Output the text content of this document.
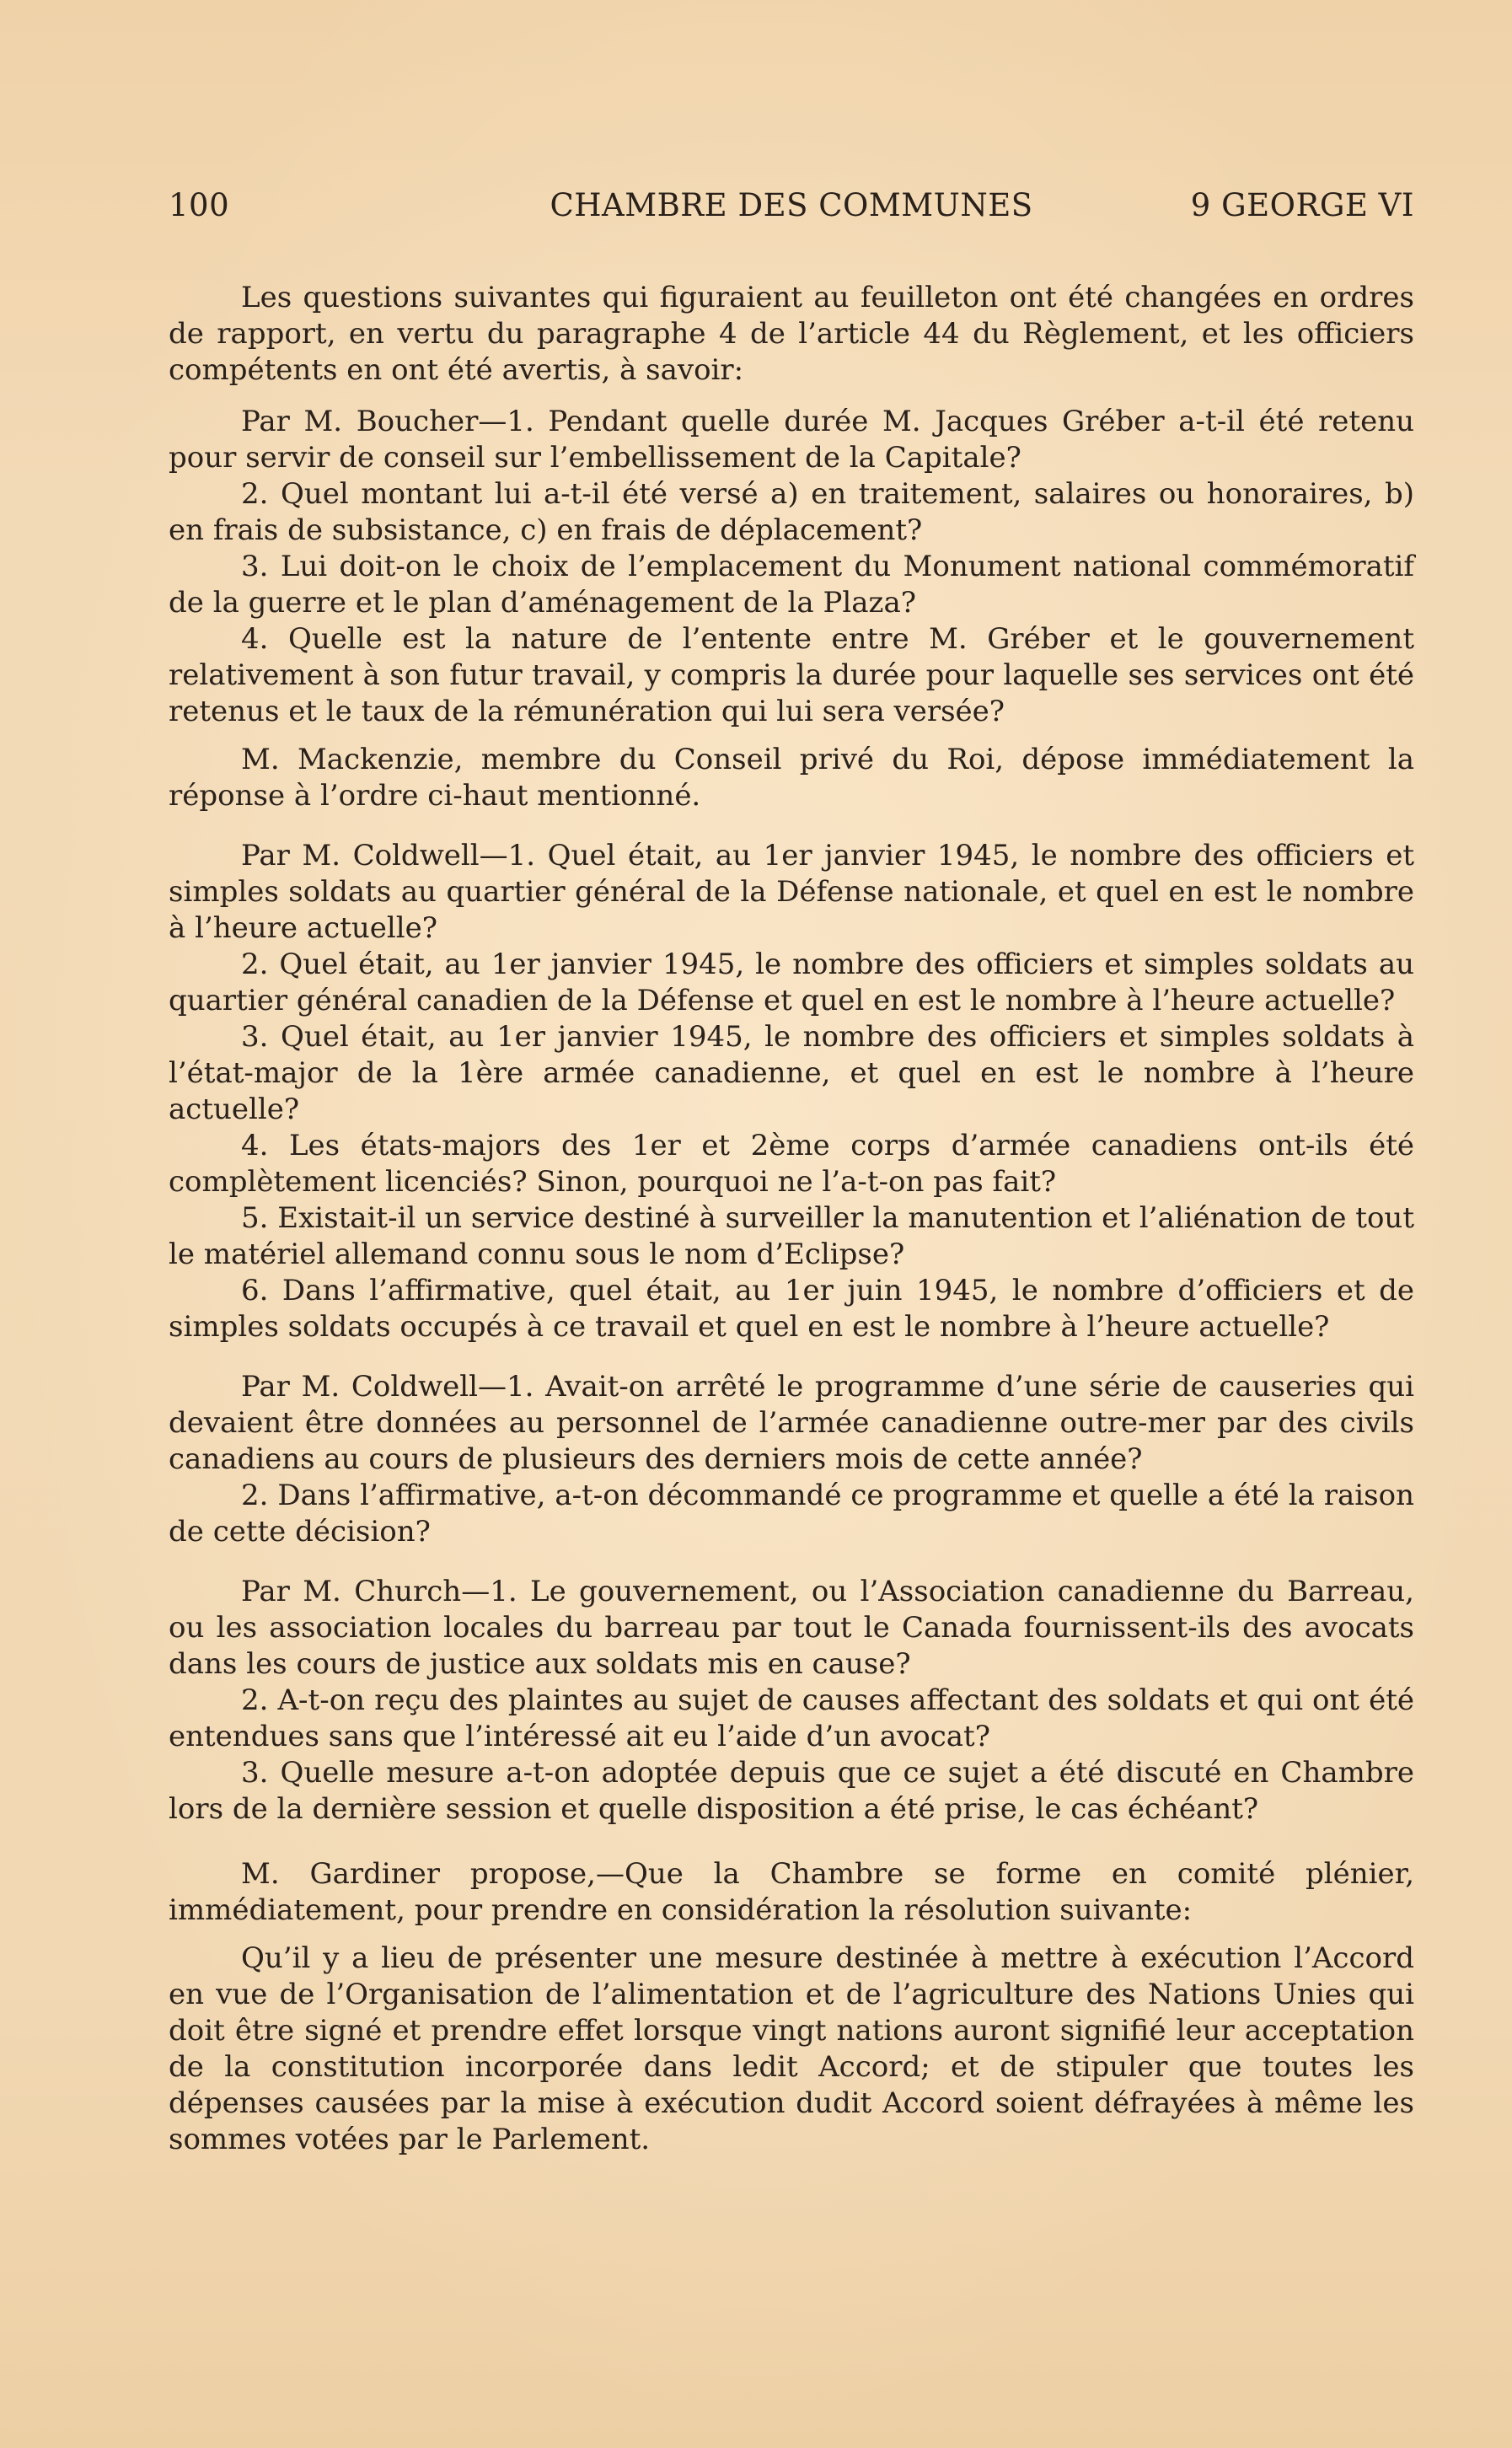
100	CHAMBRE DES COMMUNES	9 GEORGE VI

Les questions suivantes qui figuraient au feuilleton ont été changées en ordres de rapport, en vertu du paragraphe 4 de l’article 44 du Règlement, et les officiers compétents en ont été avertis, à savoir:

Par M. Boucher—1. Pendant quelle durée M. Jacques Gréber a-t-il été retenu pour servir de conseil sur l’embellissement de la Capitale?

2. Quel montant lui a-t-il été versé a) en traitement, salaires ou honoraires, b) en frais de subsistance, c) en frais de déplacement?

3. Lui doit-on le choix de l’emplacement du Monument national commémoratif de la guerre et le plan d’aménagement de la Plaza?

4. Quelle est la nature de l’entente entre M. Gréber et le gouvernement relativement à son futur travail, y compris la durée pour laquelle ses services ont été retenus et le taux de la rémunération qui lui sera versée?

M. Mackenzie, membre du Conseil privé du Roi, dépose immédiatement la réponse à l’ordre ci-haut mentionné.

Par M. Coldwell—1. Quel était, au 1er janvier 1945, le nombre des officiers et simples soldats au quartier général de la Défense nationale, et quel en est le nombre à l’heure actuelle?

2. Quel était, au 1er janvier 1945, le nombre des officiers et simples soldats au quartier général canadien de la Défense et quel en est le nombre à l’heure actuelle?

3. Quel était, au 1er janvier 1945, le nombre des officiers et simples soldats à l’état-major de la 1ère armée canadienne, et quel en est le nombre à l’heure actuelle?

4. Les états-majors des 1er et 2ème corps d’armée canadiens ont-ils été complètement licenciés? Sinon, pourquoi ne l’a-t-on pas fait?

5. Existait-il un service destiné à surveiller la manutention et l’aliénation de tout le matériel allemand connu sous le nom d’Eclipse?

6. Dans l’affirmative, quel était, au 1er juin 1945, le nombre d’officiers et de simples soldats occupés à ce travail et quel en est le nombre à l’heure actuelle?

Par M. Coldwell—1. Avait-on arrêté le programme d’une série de causeries qui devaient être données au personnel de l’armée canadienne outre-mer par des civils canadiens au cours de plusieurs des derniers mois de cette année?

2. Dans l’affirmative, a-t-on décommandé ce programme et quelle a été la raison de cette décision?

Par M. Church—1. Le gouvernement, ou l’Association canadienne du Barreau, ou les association locales du barreau par tout le Canada fournissent-ils des avocats dans les cours de justice aux soldats mis en cause?

2. A-t-on reçu des plaintes au sujet de causes affectant des soldats et qui ont été entendues sans que l’intéressé ait eu l’aide d’un avocat?

3. Quelle mesure a-t-on adoptée depuis que ce sujet a été discuté en Chambre lors de la dernière session et quelle disposition a été prise, le cas échéant?

M. Gardiner propose,—Que la Chambre se forme en comité plénier, immédiatement, pour prendre en considération la résolution suivante:

Qu’il y a lieu de présenter une mesure destinée à mettre à exécution l’Accord en vue de l’Organisation de l’alimentation et de l’agriculture des Nations Unies qui doit être signé et prendre effet lorsque vingt nations auront signifié leur acceptation de la constitution incorporée dans ledit Accord; et de stipuler que toutes les dépenses causées par la mise à exécution dudit Accord soient défrayées à même les sommes votées par le Parlement.
